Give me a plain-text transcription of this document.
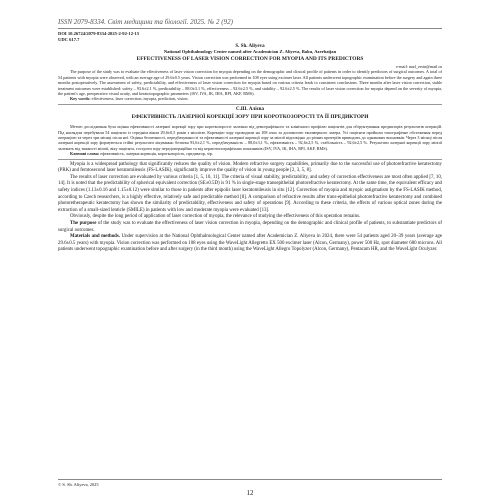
ISSN 2079-8334. Світ медицини та біології. 2025. № 2 (92)
DOI 10.26724/2079-8334-2025-2-92-12-15
UDC 617.7
S. Sh. Aliyeva
National Ophthalmology Center named after Academician Z. Aliyeva, Baku, Azerbaijan
EFFECTIVENESS OF LASER VISION CORRECTION FOR MYOPIA AND ITS PREDICTORS
e-mail: nazl_ersin@mail.ru
The purpose of the study was to evaluate the effectiveness of laser vision correction for myopia depending on the demographic and clinical profile of patients in order to identify predictors of surgical outcomes. A total of 54 patients with myopia were observed, with an average age of 29.6±0.5 years. Vision correction was performed in 108 eyes using excimer laser. All patients underwent topographic examination before the surgery and again three months postoperatively. The assessment of safety, predictability, and effectiveness of laser vision correction for myopia based on various criteria leads to consistent conclusions. Three months after laser vision correction, stable treatment outcomes were established: safety – 93.6±2.1 %, predictability – 88.0±3.1 %, effectiveness – 92.6±2.5 %, and stability – 92.6±2.5 %. The results of laser vision correction for myopia depend on the severity of myopia, the patient's age, preoperative visual acuity, and keratotopographic parameters (ISV, IVA, IK, IHA, RPI, AKF, RMS).
Key words: effectiveness, laser correction, myopia, prediction, vision.
С.Ш. Алієва
ЕФЕКТИВНІСТЬ ЛАЗЕРНОЇ КОРЕКЦІЇ ЗОРУ ПРИ КОРОТКОЗОРОСТІ ТА ЇЇ ПРЕДИКТОРИ
Метою дослідження була оцінка ефективності лазерної корекції зору при короткозорості залежно від демографічного та клінічного профілю пацієнтів для обґрунтування предикторів результатів операцій. Під наглядом перебували 54 пацієнти із середнім віком 29,6±0,5 років з міопією. Корекцію зору проводили на 108 очах за допомогою ексимерного лазера. Усі пацієнти пройшли топографічне обстеження перед операцією та через три місяці після неї. Оцінка безпечності, передбачуваності та ефективності лазерної корекції зору за міопії відповідно до різних критеріїв приводить до однакових висновків. Через 3 місяці після лазерної корекції зору формуються стійкі результати лікування: безпека 93,6±2,1 %, передбачуваність – 88,0±3,1 %, ефективність – 92,6±2,5 %, стабільність – 92,6±2,5 %. Результати лазерної корекції зору міопії залежать від тяжкості міопії, віку пацієнта, гостроти зору передопераційно та від кератотопографічних показників (ISV, IVA, IK, IHA, RPI, AKF, RMS).
Ключові слова: ефективність, лазерна корекція, короткозорість, предиктор, зір.
Myopia is a widespread pathology that significantly reduces the quality of vision. Modern refractive surgery capabilities, primarily due to the successful use of photorefractive keratectomy (PRK) and femtosecond laser keratomileusis (FS-LASIK), significantly improve the quality of vision in young people [2, 3, 5, 8].
The results of laser correction are evaluated by various criteria [1, 5, 10, 11]. The criteria of visual stability, predictability, and safety of correction effectiveness are most often applied [7, 10, 14]. It is noted that the predictability of spherical equivalent correction (SE±0.5D) is 91 % in single-stage transepithelial photorefractive keratectomy. At the same time, the equivalent efficacy and safety indices (1.13±0.16 and 1.15±0.12) were similar to those in patients after epipolis laser keratomileusis in situ [12]. Correction of myopia and myopic astigmatism by the FS-LASIK method, according to Czech researchers, is a highly effective, relatively safe and predictable method [8]. A comparison of refractive results after trans-epithelial photorefractive keratectomy and combined photoretherapeutic keratectomy has shown the similarity of predictability, effectiveness and safety of operations [9]. According to these criteria, the effects of various optical zones during the extraction of a small-sized lenticle (SMILE) in patients with low and moderate myopia were evaluated [13].
Obviously, despite the long period of application of laser correction of myopia, the relevance of studying the effectiveness of this operation remains.
The purpose of the study was to evaluate the effectiveness of laser vision correction in myopia, depending on the demographic and clinical profile of patients, to substantiate predictors of surgical outcomes.
Materials and methods. Under supervision at the National Ophthalmological Center named after Academician Z. Aliyeva in 2024, there were 54 patients aged 20–39 years (average age 29.6±0.5 years) with myopia. Vision correction was performed on 108 eyes using the WaveLight Allegretto EX 500 excimer laser (Alcon, Germany), power 500 Hz, spot diameter 680 microns. All patients underwent topographic examination before and after surgery (in the third month) using the WaveLight Allegro Topolyzer (Alcon, Germany), Pentacam HR, and the WaveLight Oculyzer.
© S. Sh. Aliyeva, 2025
12
